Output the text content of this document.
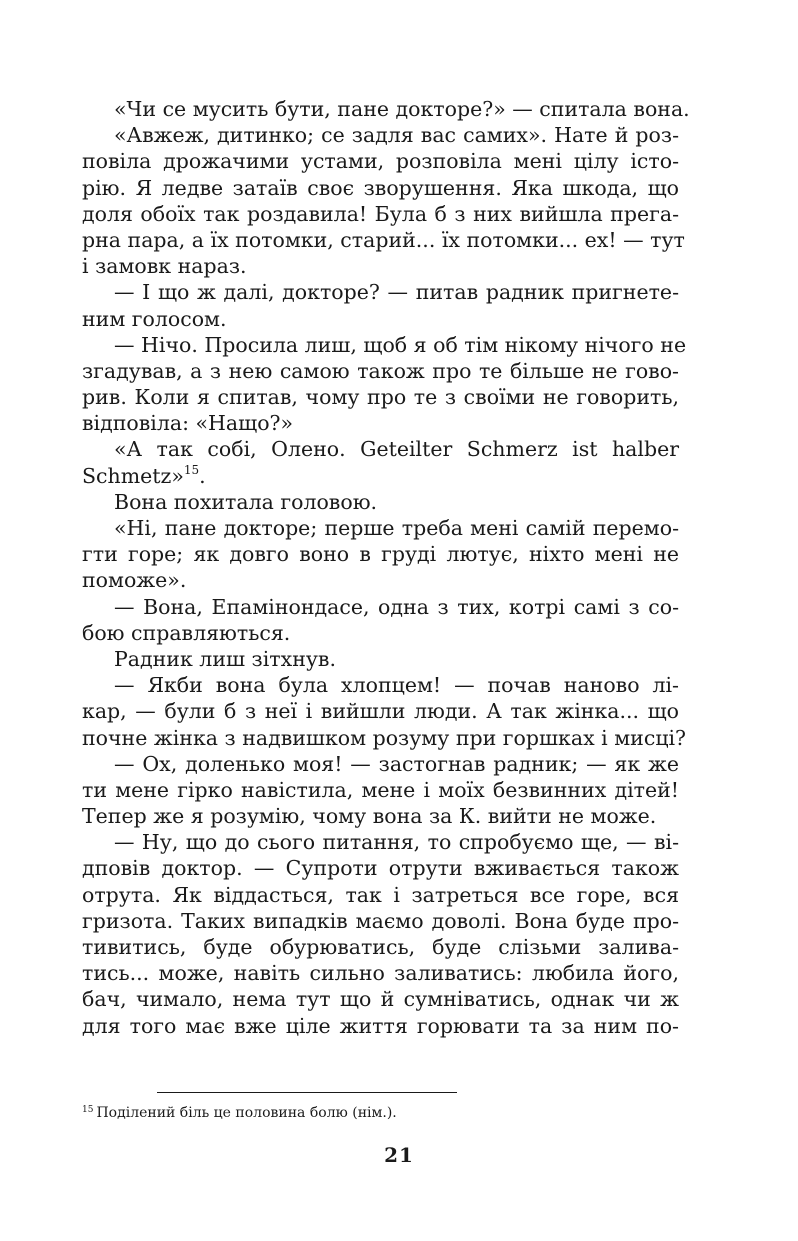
«Чи се мусить бути, пане докторе?» — спитала вона.
«Авжеж, дитинко; се задля вас самих». Нате й роз-
повіла дрожачими устами, розповіла мені цілу істо-
рію. Я ледве затаїв своє зворушення. Яка шкода, що
доля обоїх так роздавила! Була б з них вийшла прега-
рна пара, а їх потомки, старий... їх потомки... ех! — тут
і замовк нараз.
— І що ж далі, докторе? — питав радник пригнете-
ним голосом.
— Нічо. Просила лиш, щоб я об тім нікому нічого не
згадував, а з нею самою також про те більше не гово-
рив. Коли я спитав, чому про те з своїми не говорить,
відповіла: «Нащо?»
«А так собі, Олено. Geteilter Schmerz ist halber
Schmetz»$^{15}$.
Вона похитала головою.
«Ні, пане докторе; перше треба мені самій перемо-
гти горе; як довго воно в груді лютує, ніхто мені не
поможе».
— Вона, Епамінондасе, одна з тих, котрі самі з со-
бою справляються.
Радник лиш зітхнув.
— Якби вона була хлопцем! — почав наново лі-
кар, — були б з неї і вийшли люди. А так жінка... що
почне жінка з надвишком розуму при горшках і мисці?
— Ох, доленько моя! — застогнав радник; — як же
ти мене гірко навістила, мене і моїх безвинних дітей!
Тепер же я розумію, чому вона за К. вийти не може.
— Ну, що до сього питання, то спробуємо ще, — ві-
дповів доктор. — Супроти отрути вживається також
отрута. Як віддасться, так і затреться все горе, вся
гризота. Таких випадків маємо доволі. Вона буде про-
тивитись, буде обурюватись, буде слізьми залива-
тись... може, навіть сильно заливатись: любила його,
бач, чимало, нема тут що й сумніватись, однак чи ж
для того має вже ціле життя горювати та за ним по-
$^{15}$ Поділений біль це половина болю (нім.).
21
